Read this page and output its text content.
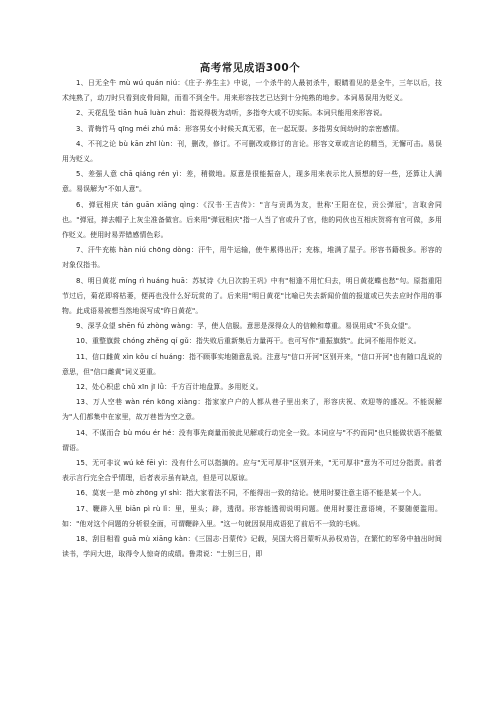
高考常见成语300个

1、日无全牛 mù wú quán niú：《庄子·养生主》中说，一个杀牛的人最初杀牛，眼睛看见的是全牛，三年以后，技术纯熟了，动刀时只看到皮骨间隙，而看不到全牛。用来形容技艺已达到十分纯熟的地步。本词易误用为贬义。

2、天花乱坠 tiān huā luàn zhuì：指说得极为动听，多指夸大或不切实际。本词只能用来形容说。

3、青梅竹马 qīng méi zhú mǎ：形容男女小时候天真无邪，在一起玩耍。多指男女间幼时的亲密感情。

4、不刊之论 bù kān zhī lùn：刊，删改，修订。不可删改或修订的言论。形容文章或言论的精当，无懈可击。易误用为贬义。

5、差强人意 chā qiáng rén yì：差，稍微地。原意是很能振奋人，现多用来表示比人预想的好一些，还算让人满意。易误解为"不如人意"。

6、弹冠相庆 tán guān xiāng qìng：《汉书·王吉传》："言与贡禹为友，世称'王阳在位，贡公弹冠'，言取舍同也。"弹冠，掸去帽子上灰尘准备做官。后来用"弹冠相庆"指一人当了官或升了官，他的同伙也互相庆贺将有官可做，多用作贬义。使用时易弄错感情色彩。

7、汗牛充栋 hàn niú chōng dòng：汗牛，用牛运输，使牛累得出汗；充栋，堆满了屋子。形容书籍极多。形容的对象仅指书。

8、明日黄花 míng rì huáng huā：苏轼诗《九日次韵王巩》中有"相逢不用忙归去，明日黄花蝶也愁"句。原指重阳节过后，菊花即将枯萎，便再也没什么好玩赏的了。后来用"明日黄花"比喻已失去新闻价值的报道或已失去应时作用的事物。此成语易被想当然地误写成"昨日黄花"。

9、深孚众望 shēn fú zhòng wàng：孚，使人信服。意思是深得众人的信赖和尊重。易误用成"不负众望"。

10、重整旗鼓 chóng zhěng qí gǔ：指失败后重新集后力量再干。也可写作"重振旗鼓"。此词不能用作贬义。

11、信口雌黄 xìn kǒu cí huáng：指不顾事实地随意乱说。注意与"信口开河"区别开来，"信口开河"也有随口乱说的意思，但"信口雌黄"词义更重。

12、处心积虑 chǔ xīn jī lǜ：千方百计地盘算。多用贬义。

13、万人空巷 wàn rén kōng xiàng：指家家户户的人都从巷子里出来了，形容庆祝、欢迎等的盛况。不能误解为"人们都集中在家里，故万巷皆为空之意。

14、不谋而合 bù móu ér hé：没有事先商量而彼此见解或行动完全一致。本词应与"不约而同"也只能做状语不能做谓语。

15、无可非议 wú kě fēi yì：没有什么可以指摘的。应与"无可厚非"区别开来，"无可厚非"意为不可过分指责。前者表示言行完全合乎情理，后者表示虽有缺点，但是可以原谅。

16、莫衷一是 mò zhōng yī shì：指大家看法不同，不能得出一致的结论。使用时要注意主语不能是某一个人。

17、鞭辟入里 biān pì rù lǐ：里，里头；辟，透彻。形容能透彻说明问题。使用时要注意语境，不要随便滥用。如："他对这个问题的分析很全面，可谓鞭辟入里。"这一句就因误用成语犯了前后不一致的毛病。

18、刮目相看 guā mù xiāng kàn：《三国志·吕蒙传》记载，吴国大将吕蒙听从孙权劝告，在繁忙的军务中抽出时间读书，学问大进，取得令人惊奇的成绩。鲁肃说："士别三日，即
